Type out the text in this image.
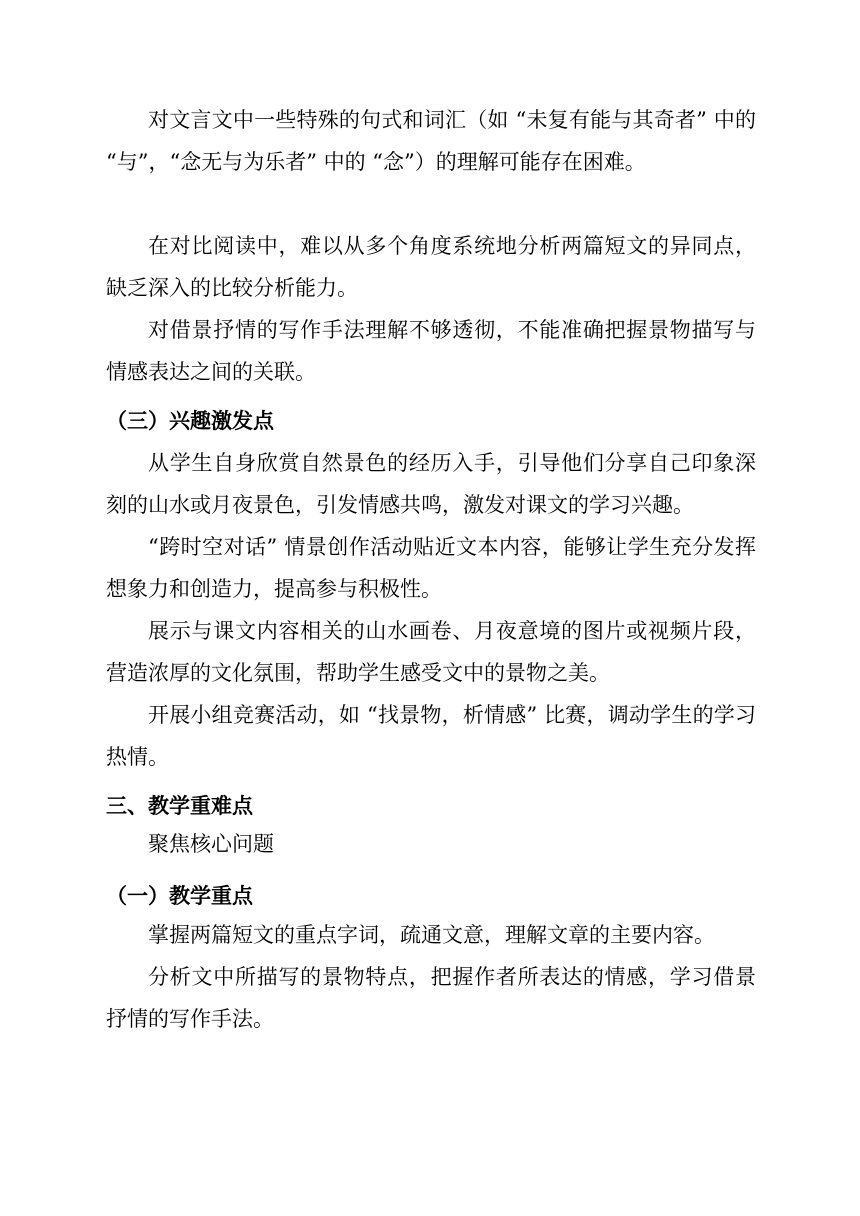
对文言文中一些特殊的句式和词汇（如 “未复有能与其奇者” 中的 “与”，“念无与为乐者” 中的 “念”）的理解可能存在困难。

在对比阅读中，难以从多个角度系统地分析两篇短文的异同点，缺乏深入的比较分析能力。

对借景抒情的写作手法理解不够透彻，不能准确把握景物描写与情感表达之间的关联。

（三）兴趣激发点

从学生自身欣赏自然景色的经历入手，引导他们分享自己印象深刻的山水或月夜景色，引发情感共鸣，激发对课文的学习兴趣。

“跨时空对话” 情景创作活动贴近文本内容，能够让学生充分发挥想象力和创造力，提高参与积极性。

展示与课文内容相关的山水画卷、月夜意境的图片或视频片段，营造浓厚的文化氛围，帮助学生感受文中的景物之美。

开展小组竞赛活动，如 “找景物，析情感” 比赛，调动学生的学习热情。

三、教学重难点

聚焦核心问题

（一）教学重点

掌握两篇短文的重点字词，疏通文意，理解文章的主要内容。

分析文中所描写的景物特点，把握作者所表达的情感，学习借景抒情的写作手法。
